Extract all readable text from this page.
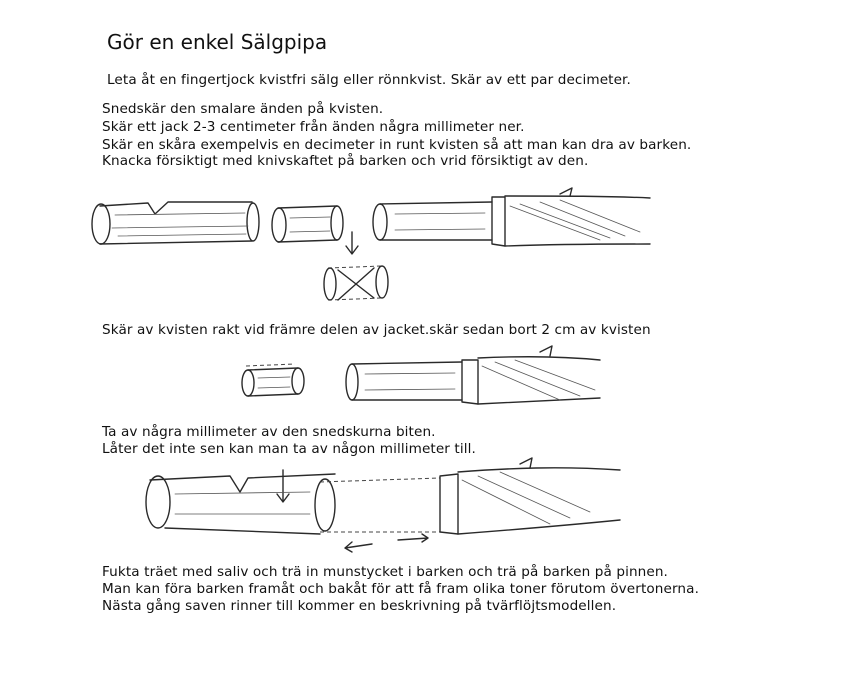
Gör en enkel Sälgpipa
Leta åt en fingertjock kvistfri sälg eller rönnkvist. Skär av ett par decimeter.
Snedskär den smalare änden på kvisten.
Skär ett jack 2-3 centimeter från änden några millimeter ner.
Skär en skåra exempelvis en decimeter in runt kvisten så att man kan dra av barken.
Knacka försiktigt med knivskaftet på barken och vrid försiktigt av den.
Skär av kvisten rakt vid främre delen av jacket.skär sedan bort 2 cm av kvisten
Ta av några millimeter av den snedskurna biten.
Låter det inte sen kan man ta av någon millimeter till.
Fukta träet med saliv och trä in munstycket i barken och trä på barken på pinnen.
Man kan föra barken framåt och bakåt för att få fram olika toner förutom övertonerna.
Nästa gång saven rinner till kommer en beskrivning på tvärflöjtsmodellen.
